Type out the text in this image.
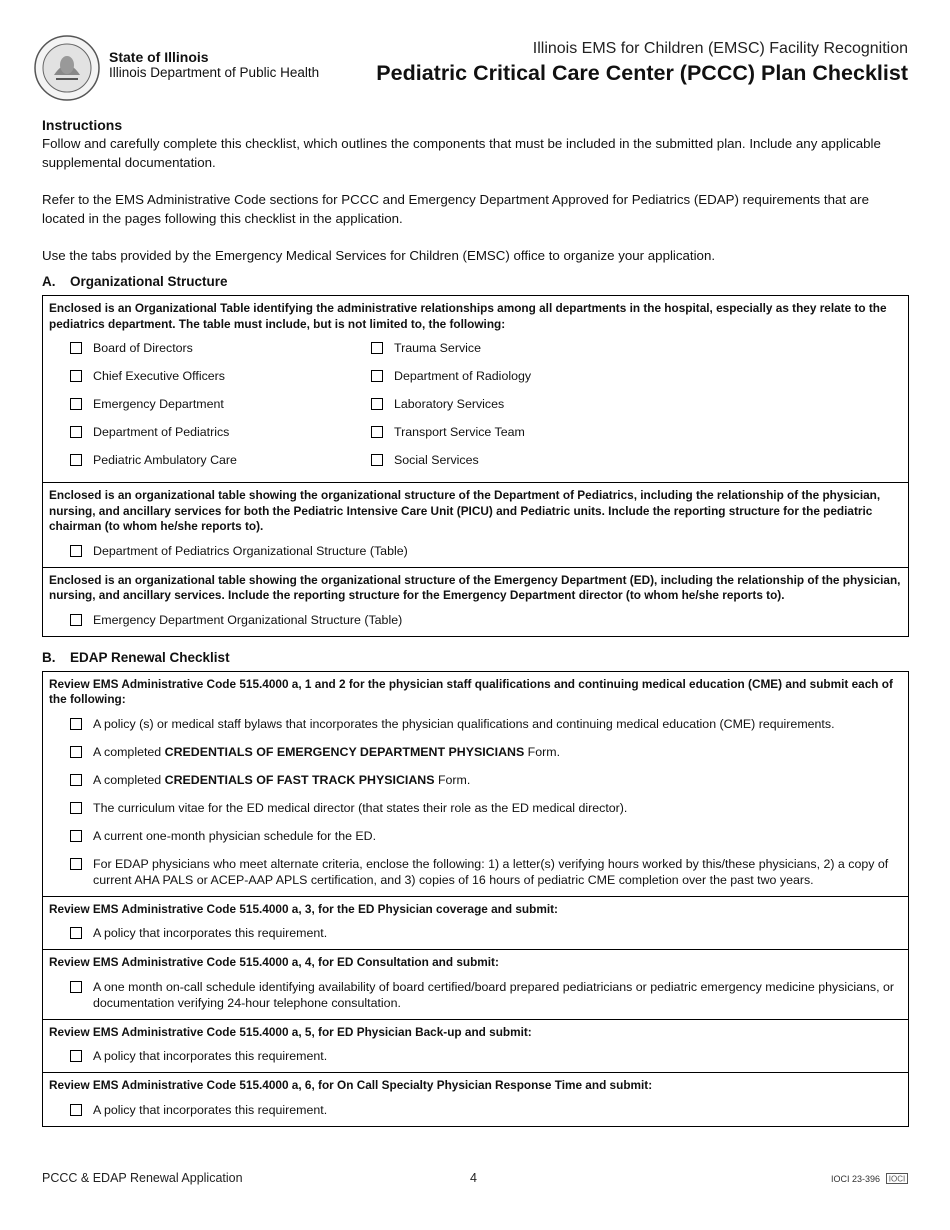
State of Illinois
Illinois Department of Public Health
Illinois EMS for Children (EMSC) Facility Recognition
Pediatric Critical Care Center (PCCC) Plan Checklist

Instructions

Follow and carefully complete this checklist, which outlines the components that must be included in the submitted plan. Include any applicable supplemental documentation.

Refer to the EMS Administrative Code sections for PCCC and Emergency Department Approved for Pediatrics (EDAP) requirements that are located in the pages following this checklist in the application.

Use the tabs provided by the Emergency Medical Services for Children (EMSC) office to organize your application.

A. Organizational Structure
Enclosed is an Organizational Table identifying the administrative relationships among all departments in the hospital, especially as they relate to the pediatrics department. The table must include, but is not limited to, the following:
Board of Directors	Trauma Service
Chief Executive Officers	Department of Radiology
Emergency Department	Laboratory Services
Department of Pediatrics	Transport Service Team
Pediatric Ambulatory Care	Social Services
Enclosed is an organizational table showing the organizational structure of the Department of Pediatrics, including the relationship of the physician, nursing, and ancillary services for both the Pediatric Intensive Care Unit (PICU) and Pediatric units. Include the reporting structure for the pediatric chairman (to whom he/she reports to).
Department of Pediatrics Organizational Structure (Table)
Enclosed is an organizational table showing the organizational structure of the Emergency Department (ED), including the relationship of the physician, nursing, and ancillary services. Include the reporting structure for the Emergency Department director (to whom he/she reports to).
Emergency Department Organizational Structure (Table)
B. EDAP Renewal Checklist
Review EMS Administrative Code 515.4000 a, 1 and 2 for the physician staff qualifications and continuing medical education (CME) and submit each of the following:
A policy (s) or medical staff bylaws that incorporates the physician qualifications and continuing medical education (CME) requirements.
A completed CREDENTIALS OF EMERGENCY DEPARTMENT PHYSICIANS Form.
A completed CREDENTIALS OF FAST TRACK PHYSICIANS Form.
The curriculum vitae for the ED medical director (that states their role as the ED medical director).
A current one-month physician schedule for the ED.
For EDAP physicians who meet alternate criteria, enclose the following: 1) a letter(s) verifying hours worked by this/these physicians, 2) a copy of current AHA PALS or ACEP-AAP APLS certification, and 3) copies of 16 hours of pediatric CME completion over the past two years.
Review EMS Administrative Code 515.4000 a, 3, for the ED Physician coverage and submit:
A policy that incorporates this requirement.
Review EMS Administrative Code 515.4000 a, 4, for ED Consultation and submit:
A one month on-call schedule identifying availability of board certified/board prepared pediatricians or pediatric emergency medicine physicians, or documentation verifying 24-hour telephone consultation.
Review EMS Administrative Code 515.4000 a, 5, for ED Physician Back-up and submit:
A policy that incorporates this requirement.
Review EMS Administrative Code 515.4000 a, 6, for On Call Specialty Physician Response Time and submit:
A policy that incorporates this requirement.
PCCC & EDAP Renewal Application	4	IOCI 23-396 IOCI
